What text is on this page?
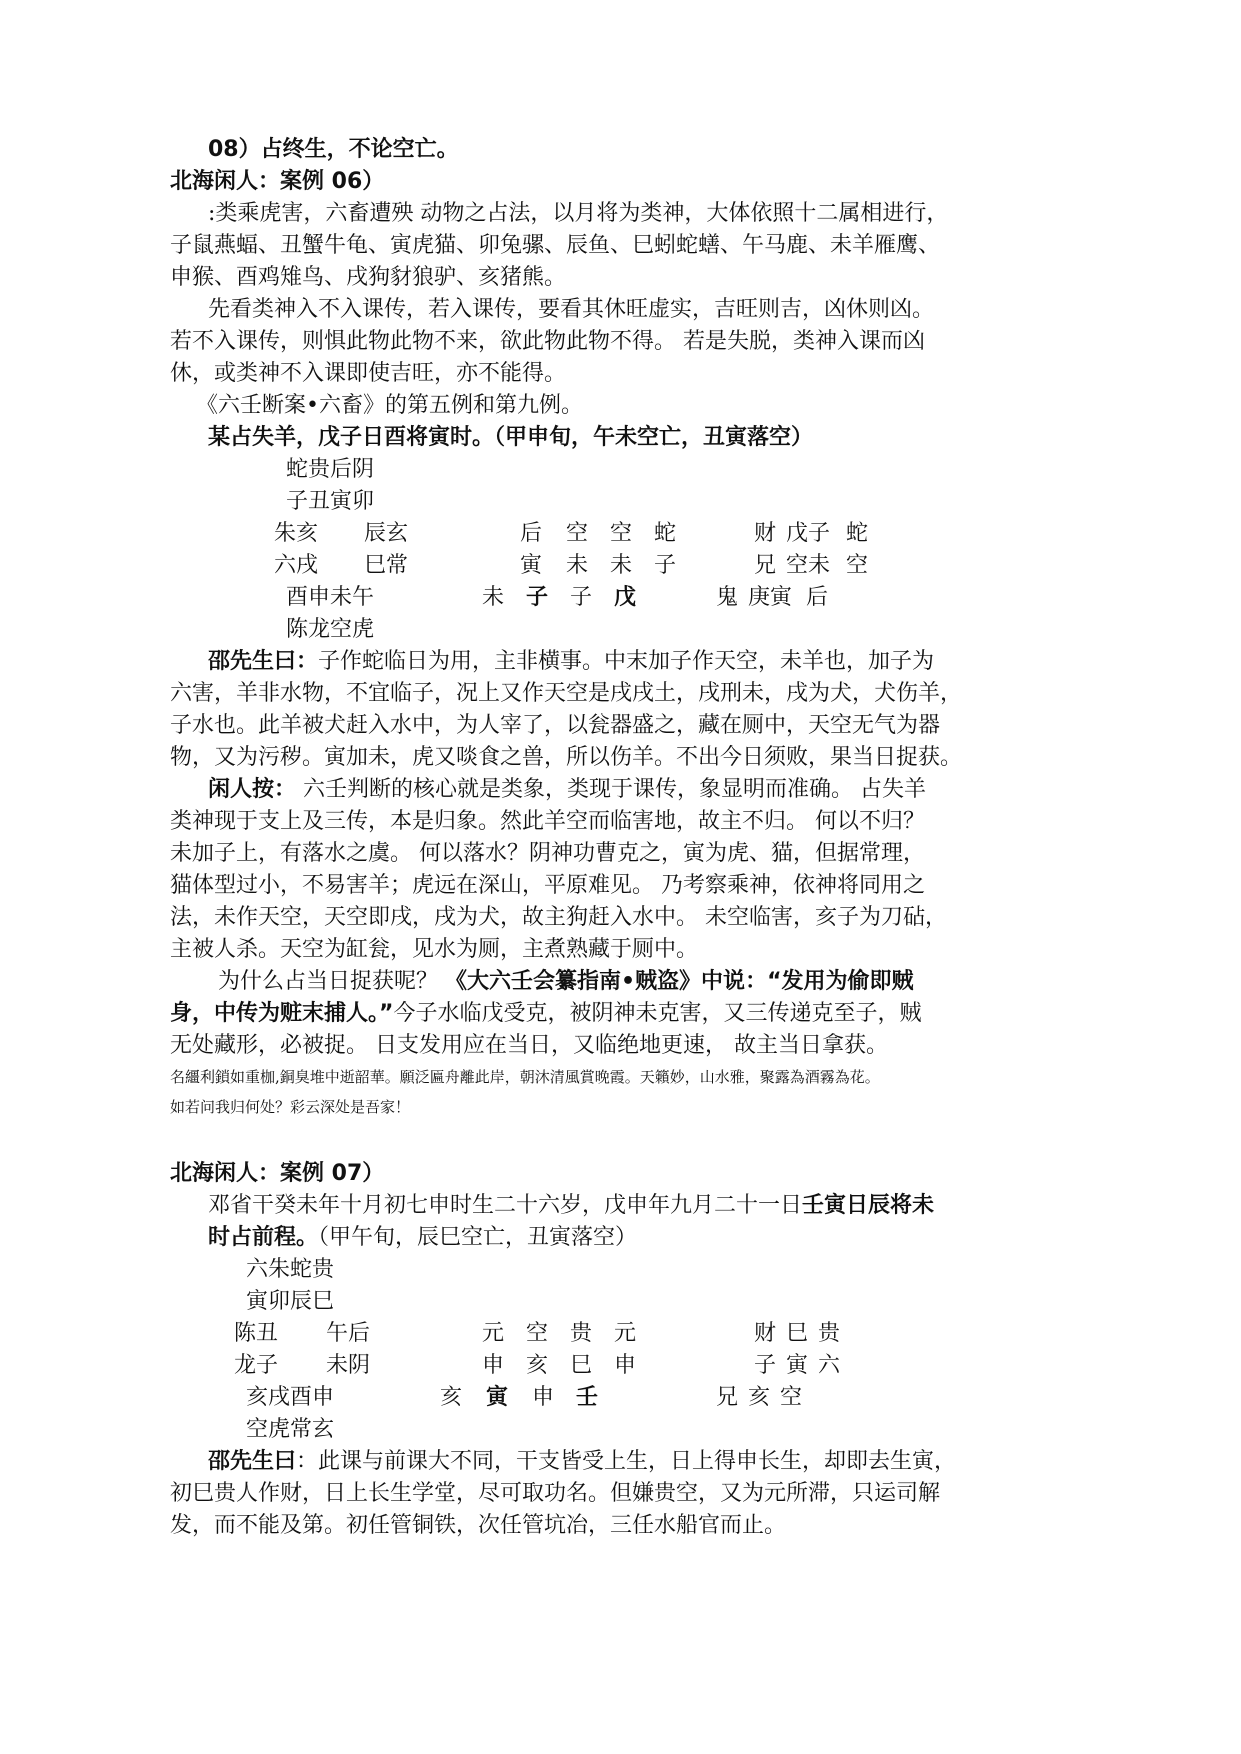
08）占终生，不论空亡。
北海闲人：案例 06）
:类乘虎害，六畜遭殃 动物之占法，以月将为类神，大体依照十二属相进行，
子鼠燕蝠、丑蟹牛龟、寅虎猫、卯兔骡、辰鱼、巳蚓蛇蟮、午马鹿、未羊雁鹰、
申猴、酉鸡雉鸟、戌狗豺狼驴、亥猪熊。
先看类神入不入课传，若入课传，要看其休旺虚实，吉旺则吉，凶休则凶。
若不入课传，则惧此物此物不来，欲此物此物不得。 若是失脱，类神入课而凶
休，或类神不入课即使吉旺，亦不能得。
《六壬断案•六畜》的第五例和第九例。
某占失羊，戊子日酉将寅时。（甲申旬，午未空亡，丑寅落空）
蛇贵后阴
子丑寅卯
朱亥 辰玄
六戌 巳常
酉申未午
陈龙空虎
后 空 空 蛇
寅 未 未 子
未 子 子 戊
财 戊子 蛇
兄 空未 空
鬼 庚寅 后
邵先生曰：子作蛇临日为用，主非横事。中末加子作天空，未羊也，加子为
六害，羊非水物，不宜临子，况上又作天空是戌戌土，戌刑未，戌为犬，犬伤羊，
子水也。此羊被犬赶入水中，为人宰了，以瓮器盛之，藏在厕中，天空无气为器
物，又为污秽。寅加未，虎又啖食之兽，所以伤羊。不出今日须败，果当日捉获。
闲人按： 六壬判断的核心就是类象，类现于课传，象显明而准确。 占失羊
类神现于支上及三传，本是归象。然此羊空而临害地，故主不归。 何以不归？
未加子上，有落水之虞。 何以落水？阴神功曹克之，寅为虎、猫，但据常理，
猫体型过小，不易害羊；虎远在深山，平原难见。 乃考察乘神，依神将同用之
法，未作天空，天空即戌，戌为犬，故主狗赶入水中。 未空临害，亥子为刀砧，
主被人杀。天空为缸瓮，见水为厕，主煮熟藏于厕中。
为什么占当日捉获呢？ 《大六壬会纂指南•贼盗》中说：“发用为偷即贼
身，中传为赃末捕人。”今子水临戊受克，被阴神未克害，又三传递克至子，贼
无处藏形，必被捉。 日支发用应在当日，又临绝地更速， 故主当日拿获。
名繮利鎖如重枷,銅臭堆中逝韶華。願泛匾舟離此岸，朝沐清風賞晚霞。天籟妙，山水雅，聚露為酒霧為花。
如若问我归何处？彩云深处是吾家！
北海闲人：案例 07）
邓省干癸未年十月初七申时生二十六岁，戊申年九月二十一日壬寅日辰将未
时占前程。（甲午旬，辰巳空亡，丑寅落空）
六朱蛇贵
寅卯辰巳
陈丑 午后
龙子 未阴
亥戌酉申
空虎常玄
元 空 贵 元
申 亥 巳 申
亥 寅 申 壬
财 巳 贵
子 寅 六
兄 亥 空
邵先生曰：此课与前课大不同，干支皆受上生，日上得申长生，却即去生寅，
初巳贵人作财，日上长生学堂，尽可取功名。但嫌贵空，又为元所滞，只运司解
发，而不能及第。初任管铜铁，次任管坑冶，三任水船官而止。
